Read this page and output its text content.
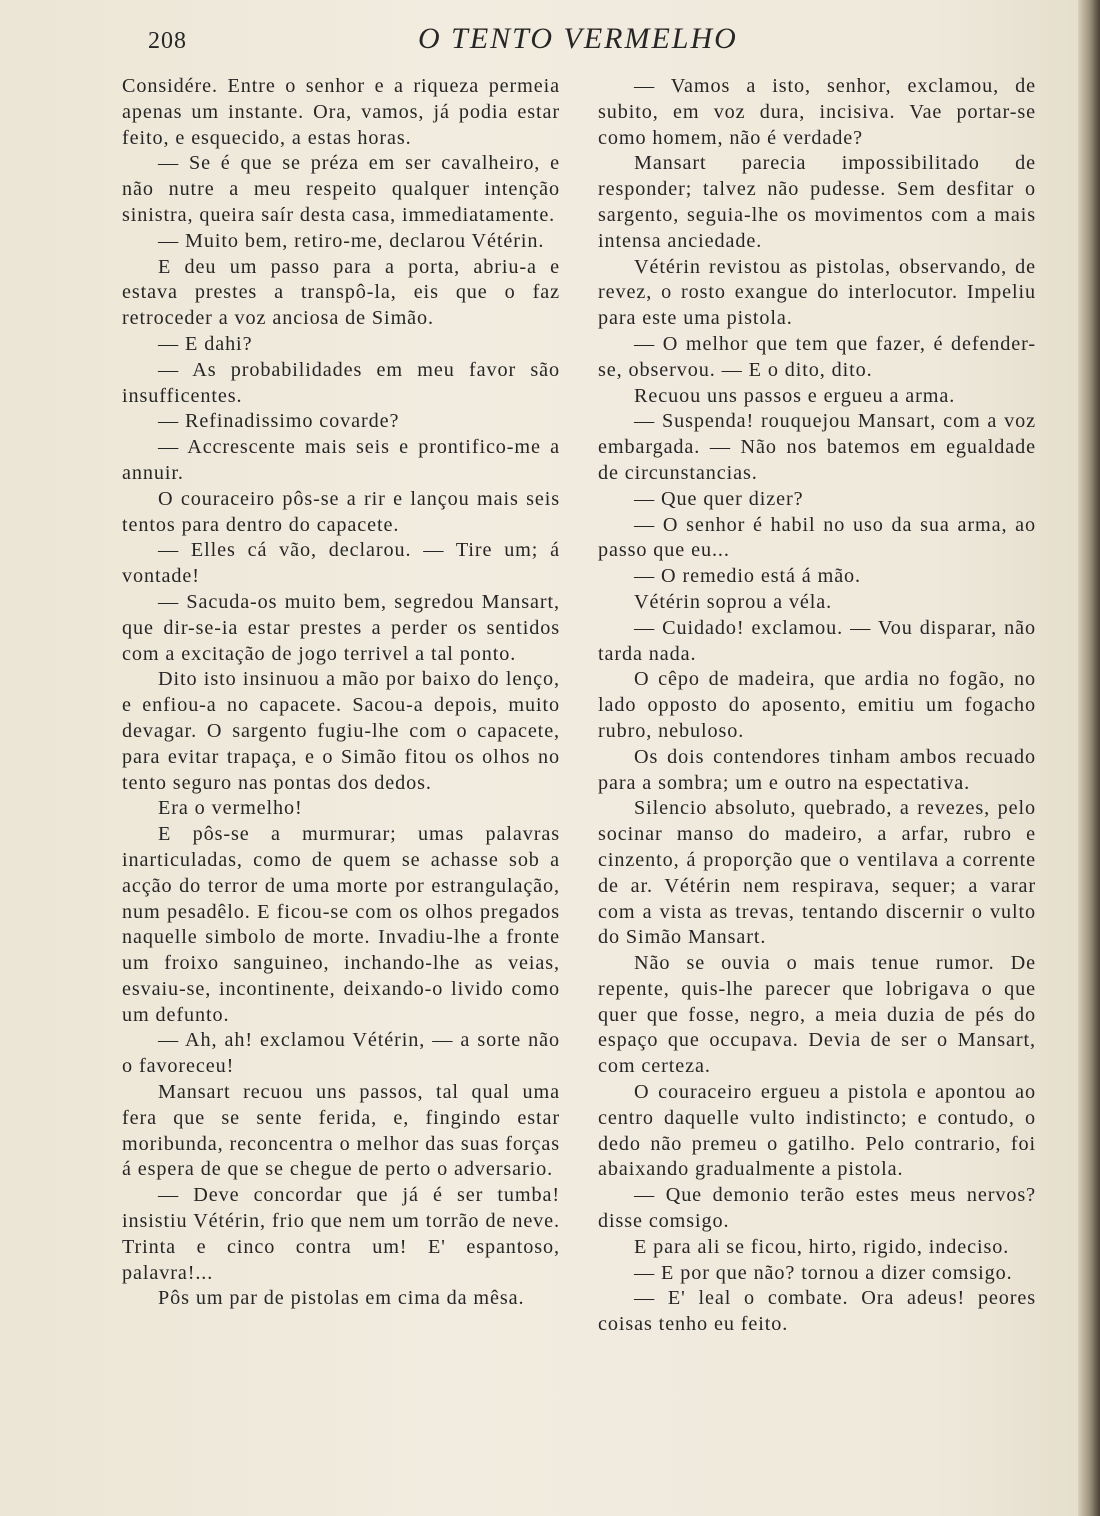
208	O TENTO VERMELHO

Considére. Entre o senhor e a riqueza permeia apenas um instante. Ora, vamos, já podia estar feito, e esquecido, a estas horas.

— Se é que se préza em ser cavalheiro, e não nutre a meu respeito qualquer intenção sinistra, queira saír desta casa, immediatamente.

— Muito bem, retiro-me, declarou Vétérin.

E deu um passo para a porta, abriu-a e estava prestes a transpô-la, eis que o faz retroceder a voz anciosa de Simão.

— E dahi?

— As probabilidades em meu favor são insufficentes.

— Refinadissimo covarde?

— Accrescente mais seis e prontifico-me a annuir.

O couraceiro pôs-se a rir e lançou mais seis tentos para dentro do capacete.

— Elles cá vão, declarou. — Tire um; á vontade!

— Sacuda-os muito bem, segredou Mansart, que dir-se-ia estar prestes a perder os sentidos com a excitação de jogo terrivel a tal ponto.

Dito isto insinuou a mão por baixo do lenço, e enfiou-a no capacete. Sacou-a depois, muito devagar. O sargento fugiu-lhe com o capacete, para evitar trapaça, e o Simão fitou os olhos no tento seguro nas pontas dos dedos.

Era o vermelho!

E pôs-se a murmurar; umas palavras inarticuladas, como de quem se achasse sob a acção do terror de uma morte por estrangulação, num pesadêlo. E ficou-se com os olhos pregados naquelle simbolo de morte. Invadiu-lhe a fronte um froixo sanguineo, inchando-lhe as veias, esvaiu-se, incontinente, deixando-o livido como um defunto.

— Ah, ah! exclamou Vétérin, — a sorte não o favoreceu!

Mansart recuou uns passos, tal qual uma fera que se sente ferida, e, fingindo estar moribunda, reconcentra o melhor das suas forças á espera de que se chegue de perto o adversario.

— Deve concordar que já é ser tumba! insistiu Vétérin, frio que nem um torrão de neve. Trinta e cinco contra um! E' espantoso, palavra!...

Pôs um par de pistolas em cima da mêsa.

— Vamos a isto, senhor, exclamou, de subito, em voz dura, incisiva. Vae portar-se como homem, não é verdade?

Mansart parecia impossibilitado de responder; talvez não pudesse. Sem desfitar o sargento, seguia-lhe os movimentos com a mais intensa anciedade.

Vétérin revistou as pistolas, observando, de revez, o rosto exangue do interlocutor. Impeliu para este uma pistola.

— O melhor que tem que fazer, é defender-se, observou. — E o dito, dito.

Recuou uns passos e ergueu a arma.

— Suspenda! rouquejou Mansart, com a voz embargada. — Não nos batemos em egualdade de circunstancias.

— Que quer dizer?

— O senhor é habil no uso da sua arma, ao passo que eu...

— O remedio está á mão.

Vétérin soprou a véla.

— Cuidado! exclamou. — Vou disparar, não tarda nada.

O cêpo de madeira, que ardia no fogão, no lado opposto do aposento, emitiu um fogacho rubro, nebuloso.

Os dois contendores tinham ambos recuado para a sombra; um e outro na espectativa.

Silencio absoluto, quebrado, a revezes, pelo socinar manso do madeiro, a arfar, rubro e cinzento, á proporção que o ventilava a corrente de ar. Vétérin nem respirava, sequer; a varar com a vista as trevas, tentando discernir o vulto do Simão Mansart.

Não se ouvia o mais tenue rumor. De repente, quis-lhe parecer que lobrigava o que quer que fosse, negro, a meia duzia de pés do espaço que occupava. Devia de ser o Mansart, com certeza.

O couraceiro ergueu a pistola e apontou ao centro daquelle vulto indistincto; e contudo, o dedo não premeu o gatilho. Pelo contrario, foi abaixando gradualmente a pistola.

— Que demonio terão estes meus nervos? disse comsigo.

E para ali se ficou, hirto, rigido, indeciso.

— E por que não? tornou a dizer comsigo.

— E' leal o combate. Ora adeus! peores coisas tenho eu feito.
